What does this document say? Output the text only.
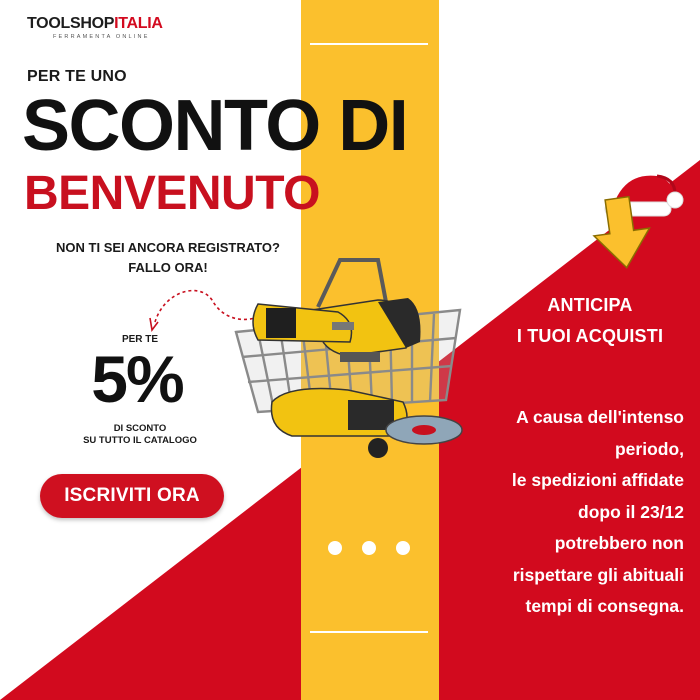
TOOLSHOPITALIA
FERRAMENTA ONLINE
PER TE UNO
SCONTO DI
BENVENUTO
NON TI SEI ANCORA REGISTRATO?
FALLO ORA!
PER TE
5%
DI SCONTO
SU TUTTO IL CATALOGO
ISCRIVITI ORA
ANTICIPA
I TUOI ACQUISTI
A causa dell'intenso
periodo,
le spedizioni affidate
dopo il 23/12
potrebbero non
rispettare gli abituali
tempi di consegna.
